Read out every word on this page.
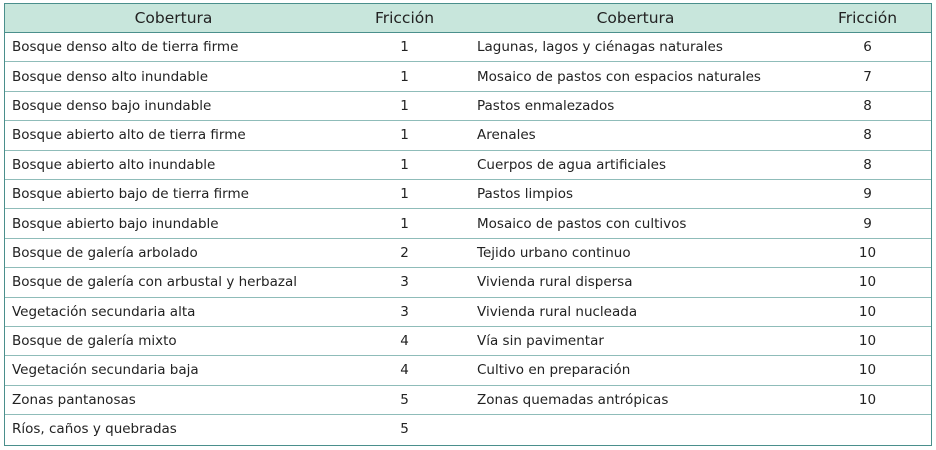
Cobertura	Fricción	Cobertura	Fricción
Bosque denso alto de tierra firme	1	Lagunas, lagos y ciénagas naturales	6
Bosque denso alto inundable	1	Mosaico de pastos con espacios naturales	7
Bosque denso bajo inundable	1	Pastos enmalezados	8
Bosque abierto alto de tierra firme	1	Arenales	8
Bosque abierto alto inundable	1	Cuerpos de agua artificiales	8
Bosque abierto bajo de tierra firme	1	Pastos limpios	9
Bosque abierto bajo inundable	1	Mosaico de pastos con cultivos	9
Bosque de galería arbolado	2	Tejido urbano continuo	10
Bosque de galería con arbustal y herbazal	3	Vivienda rural dispersa	10
Vegetación secundaria alta	3	Vivienda rural nucleada	10
Bosque de galería mixto	4	Vía sin pavimentar	10
Vegetación secundaria baja	4	Cultivo en preparación	10
Zonas pantanosas	5	Zonas quemadas antrópicas	10
Ríos, caños y quebradas	5		
